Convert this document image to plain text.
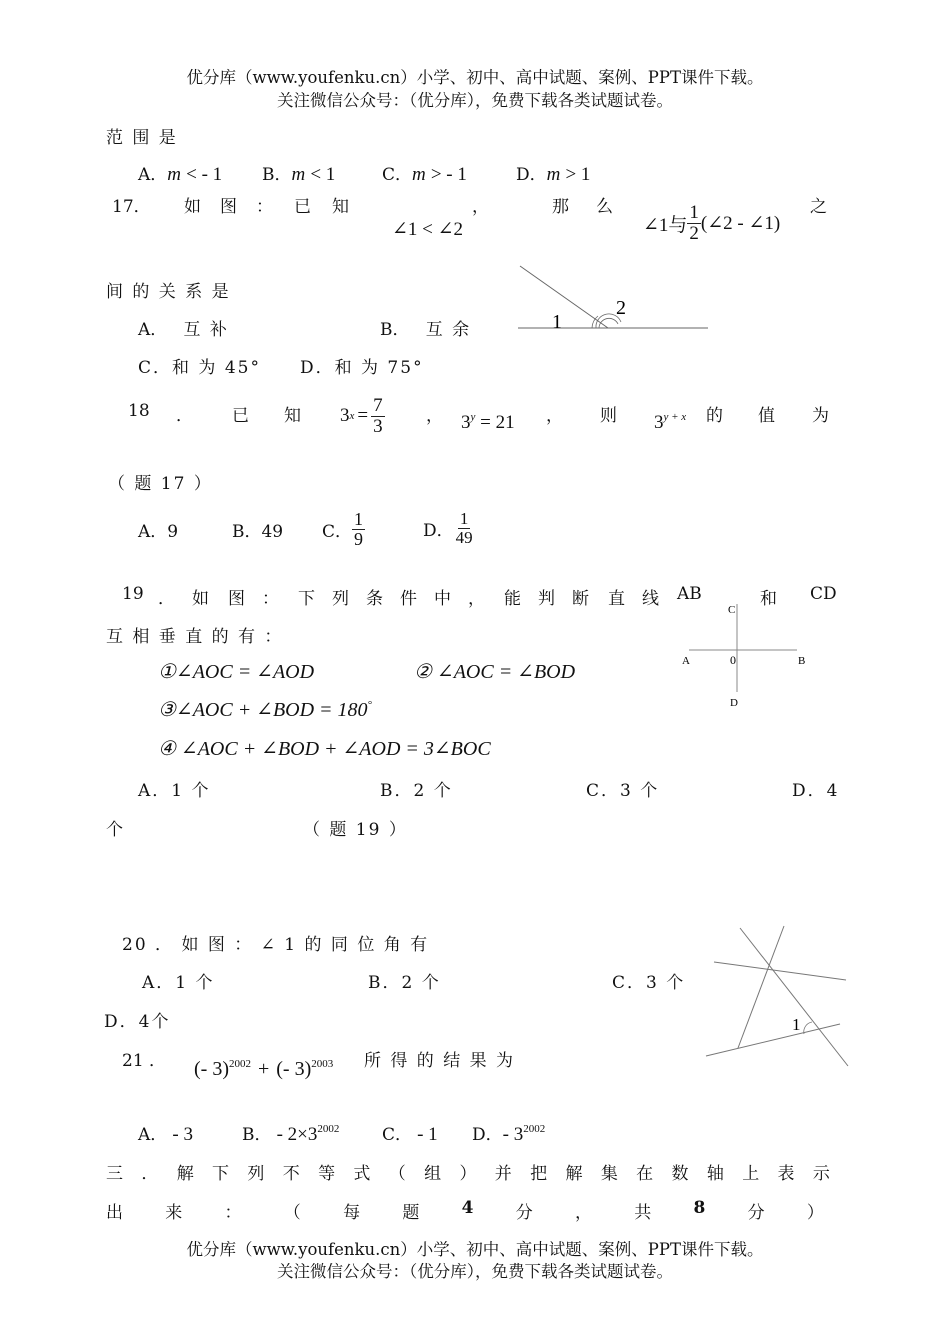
优分库（www.youfenku.cn）小学、初中、高中试题、案例、PPT课件下载。
关注微信公众号：（优分库），免费下载各类试题试卷。
范 围 是
A．m < - 1 B．m < 1	C．m > - 1	D．m > 1
17． 如 图 ： 已 知	，	那 么	之
∠1 < ∠2	∠1与 $\frac{1}{2}$ (∠2 - ∠1)
间 的 关 系 是
A． 互 补	B． 互 余
C．和 为 45° D．和 为 75°
1
2
18 ． 已 知	，	， 则	的 值 为
3 $x = \frac{7}{3}$	$3^y = 21$	$3^{y + x}$
（ 题 17 ）
A．9	B．49 C． $\frac{1}{9}$	D． $\frac{1}{49}$
19 ． 如 图 ： 下 列 条 件 中 ， 能 判 断 直 线 AB	和 CD
互 相 垂 直 的 有 ：
①∠AOC = ∠AOD	② ∠AOC = ∠BOD
③∠AOC + ∠BOD = 180°
④ ∠AOC + ∠BOD + ∠AOD = 3∠BOC
A	B
C
D
0
A．1 个	B．2 个	C．3 个	D．4
个	（ 题 19 ）
20 ． 如 图 ： ∠ 1 的 同 位 角 有
A．1 个	B．2 个	C．3 个
D．4个	1
21 ． (- 3)$^{2002}$ + (- 3)$^{2003}$ 所 得 的 结 果 为
A． - 3	B． - $2\times 3^{2002}$	C． - 1 D．- $3^{2002}$
三 ． 解 下 列 不 等 式 （ 组 ） 并 把 解 集 在 数 轴 上 表 示
出 来 ： （ 每 题 4 分 ， 共 8 分 ）
优分库（www.youfenku.cn）小学、初中、高中试题、案例、PPT课件下载。
关注微信公众号：（优分库），免费下载各类试题试卷。
